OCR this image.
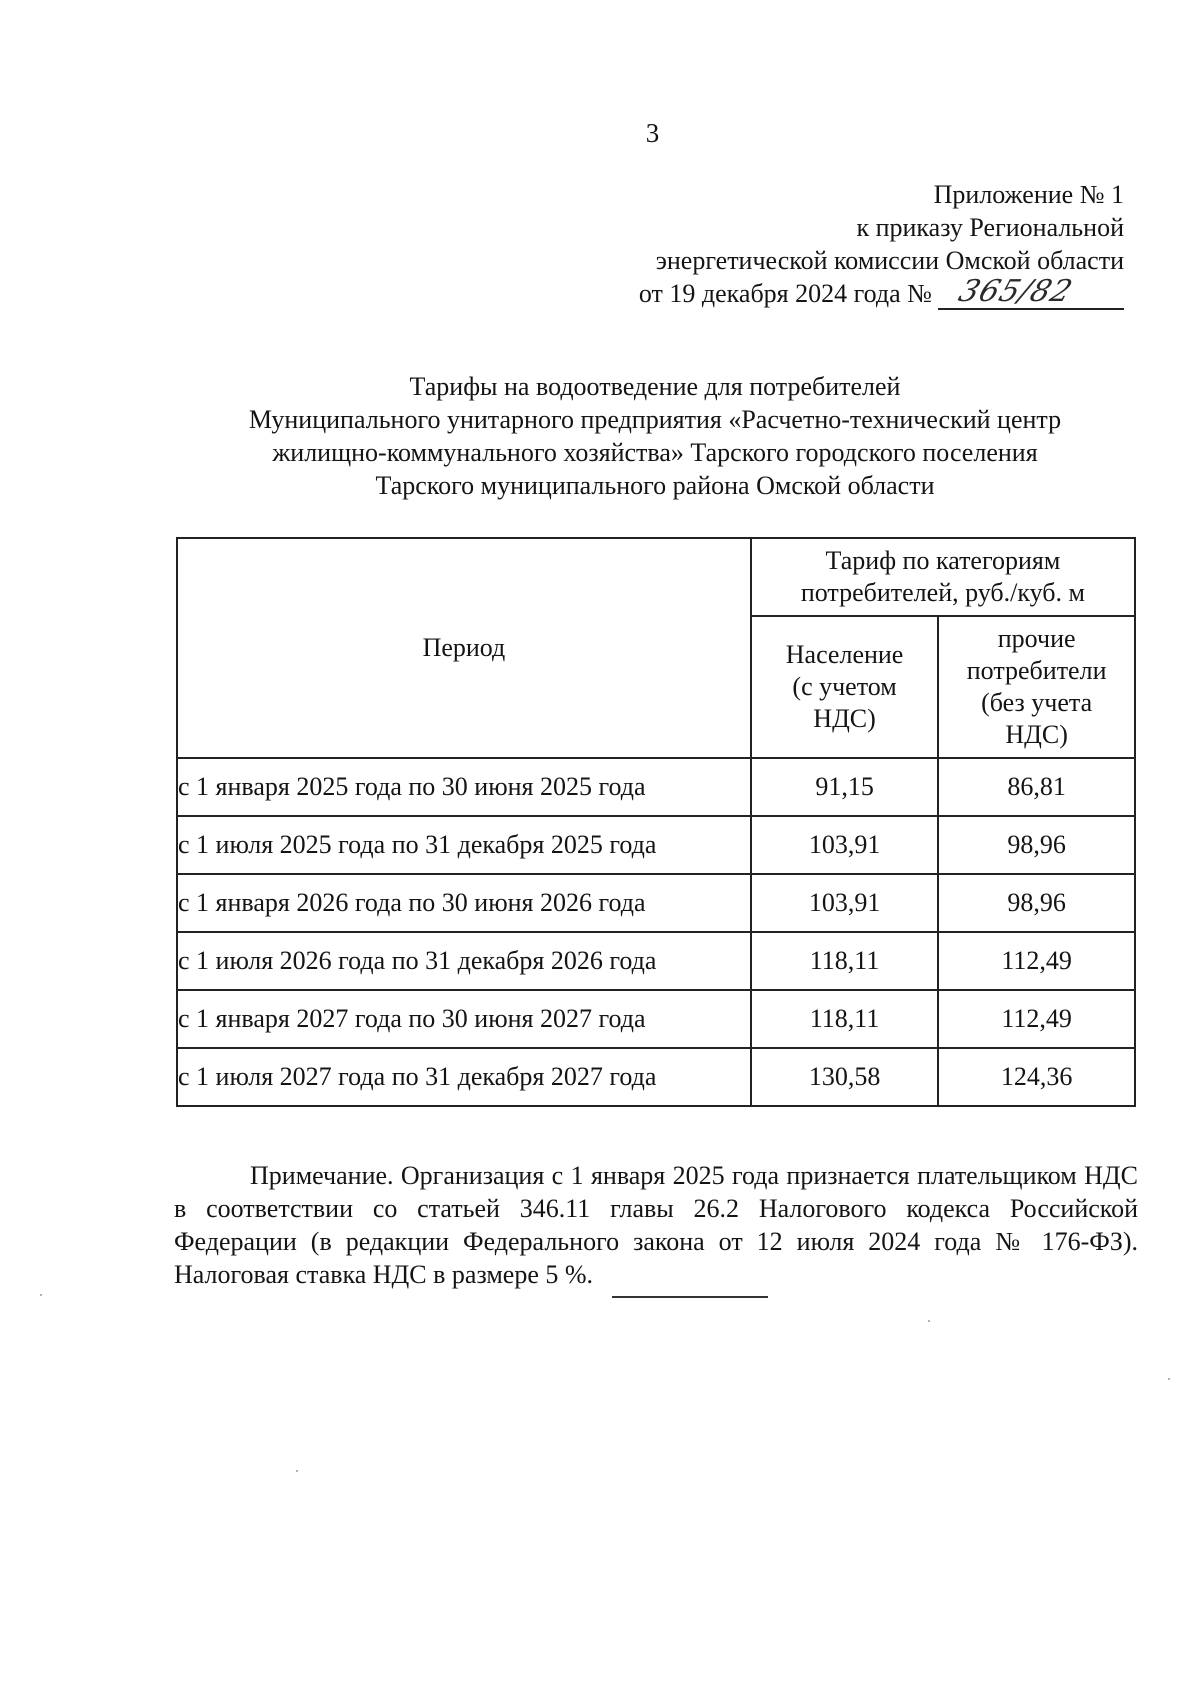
3
Приложение № 1
к приказу Региональной
энергетической комиссии Омской области
от 19 декабря 2024 года № 365/82
Тарифы на водоотведение для потребителей
Муниципального унитарного предприятия «Расчетно-технический центр
жилищно-коммунального хозяйства» Тарского городского поселения
Тарского муниципального района Омской области
Период	Тариф по категориям потребителей, руб./куб. м	

	Население (с учетом НДС)	прочие потребители (без учета НДС)

с 1 января 2025 года по 30 июня 2025 года	91,15	86,81
с 1 июля 2025 года по 31 декабря 2025 года	103,91	98,96
с 1 января 2026 года по 30 июня 2026 года	103,91	98,96
с 1 июля 2026 года по 31 декабря 2026 года	118,11	112,49
с 1 января 2027 года по 30 июня 2027 года	118,11	112,49
с 1 июля 2027 года по 31 декабря 2027 года	130,58	124,36

Примечание. Организация с 1 января 2025 года признается плательщиком НДС в соответствии со статьей 346.11 главы 26.2 Налогового кодекса Российской Федерации (в редакции Федерального закона от 12 июля 2024 года № 176-ФЗ). Налоговая ставка НДС в размере 5 %.
